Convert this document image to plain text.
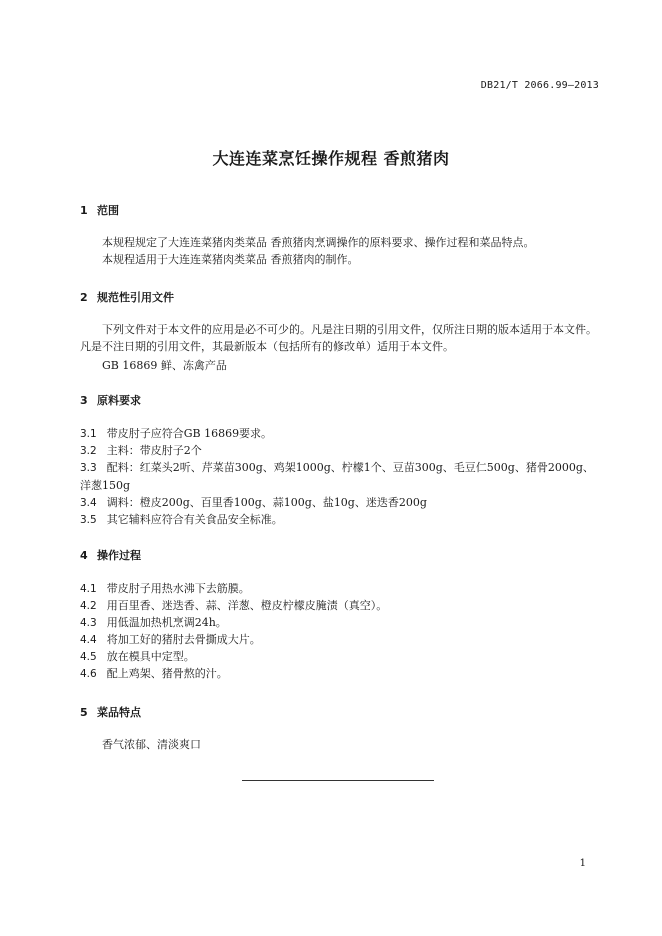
DB21/T 2066.99—2013
大连连菜烹饪操作规程 香煎猪肉
1 范围
本规程规定了大连连菜猪肉类菜品 香煎猪肉烹调操作的原料要求、操作过程和菜品特点。
本规程适用于大连连菜猪肉类菜品 香煎猪肉的制作。
2 规范性引用文件
下列文件对于本文件的应用是必不可少的。凡是注日期的引用文件，仅所注日期的版本适用于本文件。凡是不注日期的引用文件，其最新版本（包括所有的修改单）适用于本文件。
GB 16869 鲜、冻禽产品
3 原料要求
3.1 带皮肘子应符合GB 16869要求。
3.2 主料：带皮肘子2个
3.3 配料：红菜头2听、芹菜苗300g、鸡架1000g、柠檬1个、豆苗300g、毛豆仁500g、猪骨2000g、洋葱150g
3.4 调料：橙皮200g、百里香100g、蒜100g、盐10g、迷迭香200g
3.5 其它辅料应符合有关食品安全标准。
4 操作过程
4.1 带皮肘子用热水沸下去筋膜。
4.2 用百里香、迷迭香、蒜、洋葱、橙皮柠檬皮腌渍（真空）。
4.3 用低温加热机烹调24h。
4.4 将加工好的猪肘去骨撕成大片。
4.5 放在模具中定型。
4.6 配上鸡架、猪骨熬的汁。
5 菜品特点
香气浓郁、清淡爽口
1
